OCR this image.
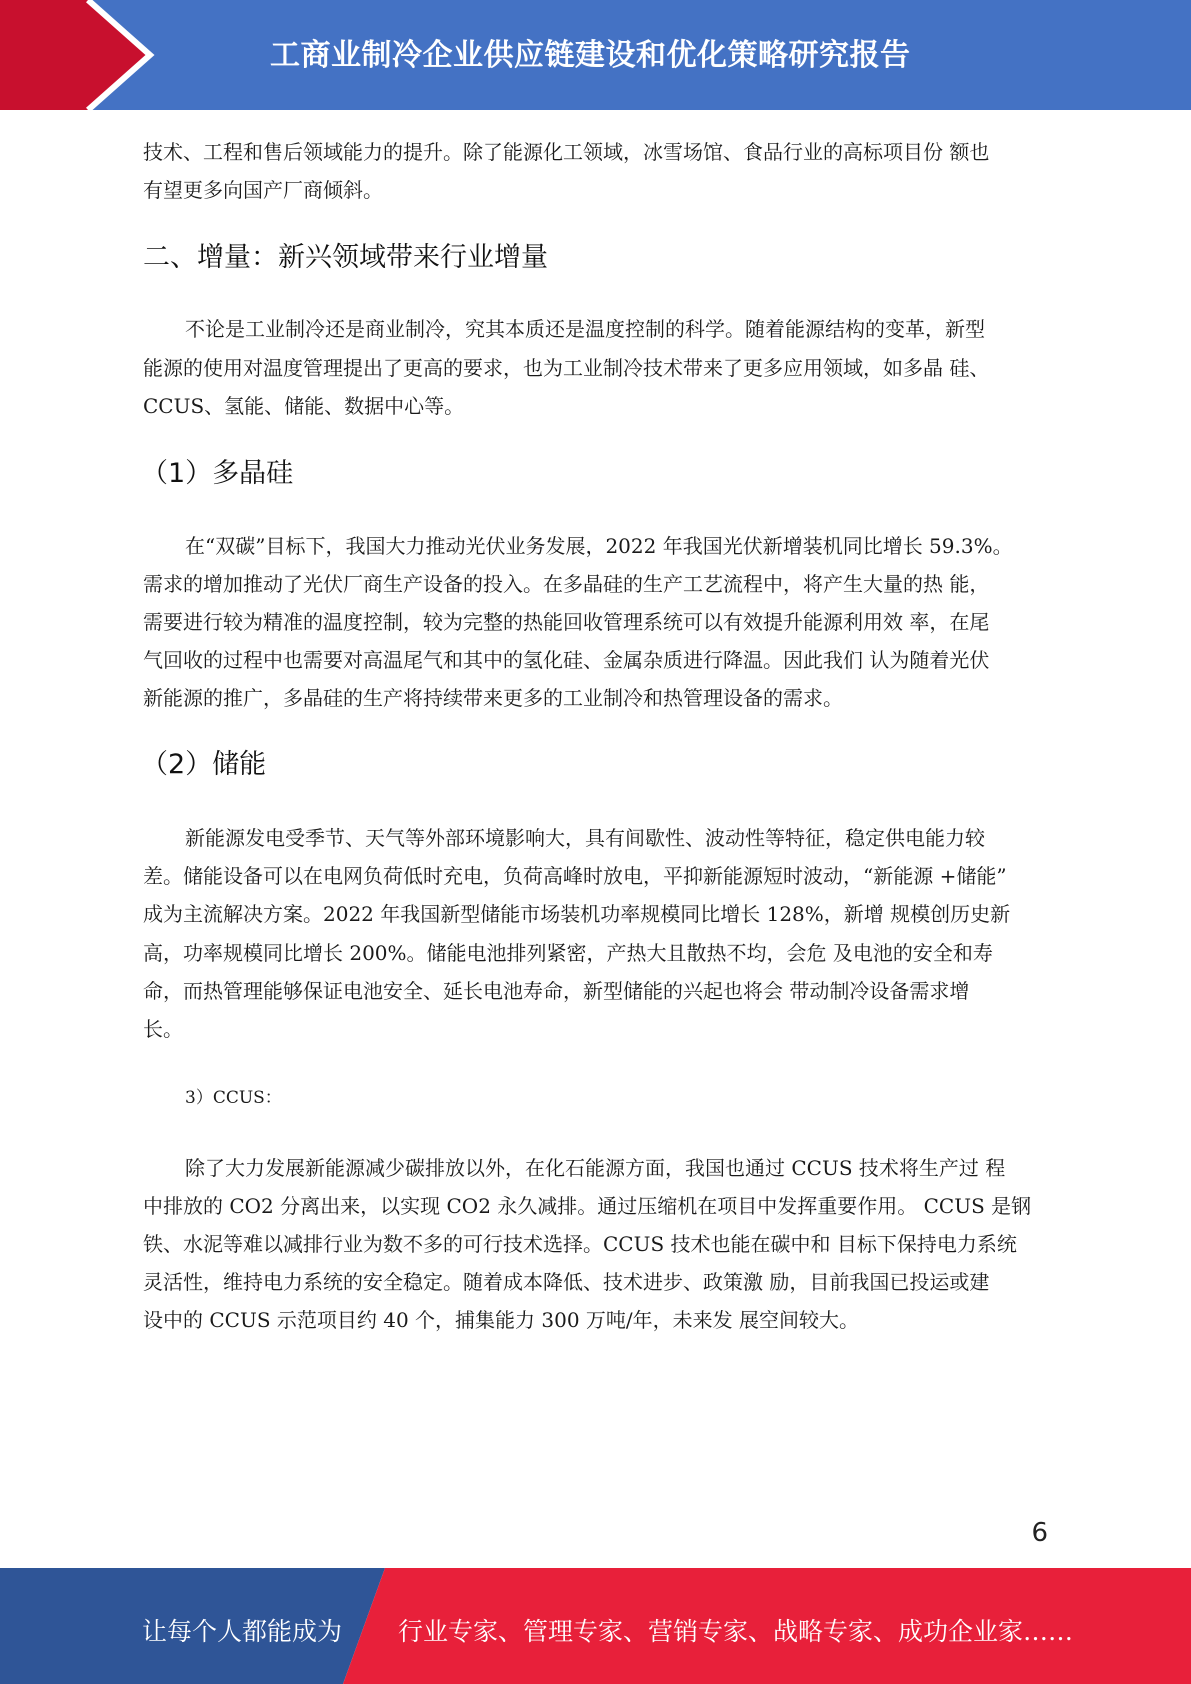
工商业制冷企业供应链建设和优化策略研究报告
技术、工程和售后领域能力的提升。除了能源化工领域，冰雪场馆、食品行业的高标项目份 额也
有望更多向国产厂商倾斜。
二、增量：新兴领域带来行业增量
不论是工业制冷还是商业制冷，究其本质还是温度控制的科学。随着能源结构的变革，新型
能源的使用对温度管理提出了更高的要求，也为工业制冷技术带来了更多应用领域，如多晶 硅、
CCUS、氢能、储能、数据中心等。
（1）多晶硅
在“双碳”目标下，我国大力推动光伏业务发展，2022 年我国光伏新增装机同比增长 59.3%。
需求的增加推动了光伏厂商生产设备的投入。在多晶硅的生产工艺流程中，将产生大量的热 能，
需要进行较为精准的温度控制，较为完整的热能回收管理系统可以有效提升能源利用效 率，在尾
气回收的过程中也需要对高温尾气和其中的氢化硅、金属杂质进行降温。因此我们 认为随着光伏
新能源的推广，多晶硅的生产将持续带来更多的工业制冷和热管理设备的需求。
（2）储能
新能源发电受季节、天气等外部环境影响大，具有间歇性、波动性等特征，稳定供电能力较
差。储能设备可以在电网负荷低时充电，负荷高峰时放电，平抑新能源短时波动，“新能源 +储能”
成为主流解决方案。2022 年我国新型储能市场装机功率规模同比增长 128%，新增 规模创历史新
高，功率规模同比增长 200%。储能电池排列紧密，产热大且散热不均，会危 及电池的安全和寿
命，而热管理能够保证电池安全、延长电池寿命，新型储能的兴起也将会 带动制冷设备需求增
长。
3）CCUS：
除了大力发展新能源减少碳排放以外，在化石能源方面，我国也通过 CCUS 技术将生产过 程
中排放的 CO2 分离出来，以实现 CO2 永久减排。通过压缩机在项目中发挥重要作用。 CCUS 是钢
铁、水泥等难以减排行业为数不多的可行技术选择。CCUS 技术也能在碳中和 目标下保持电力系统
灵活性，维持电力系统的安全稳定。随着成本降低、技术进步、政策激 励，目前我国已投运或建
设中的 CCUS 示范项目约 40 个，捕集能力 300 万吨/年，未来发 展空间较大。
6
让每个人都能成为 行业专家、管理专家、营销专家、战略专家、成功企业家……
